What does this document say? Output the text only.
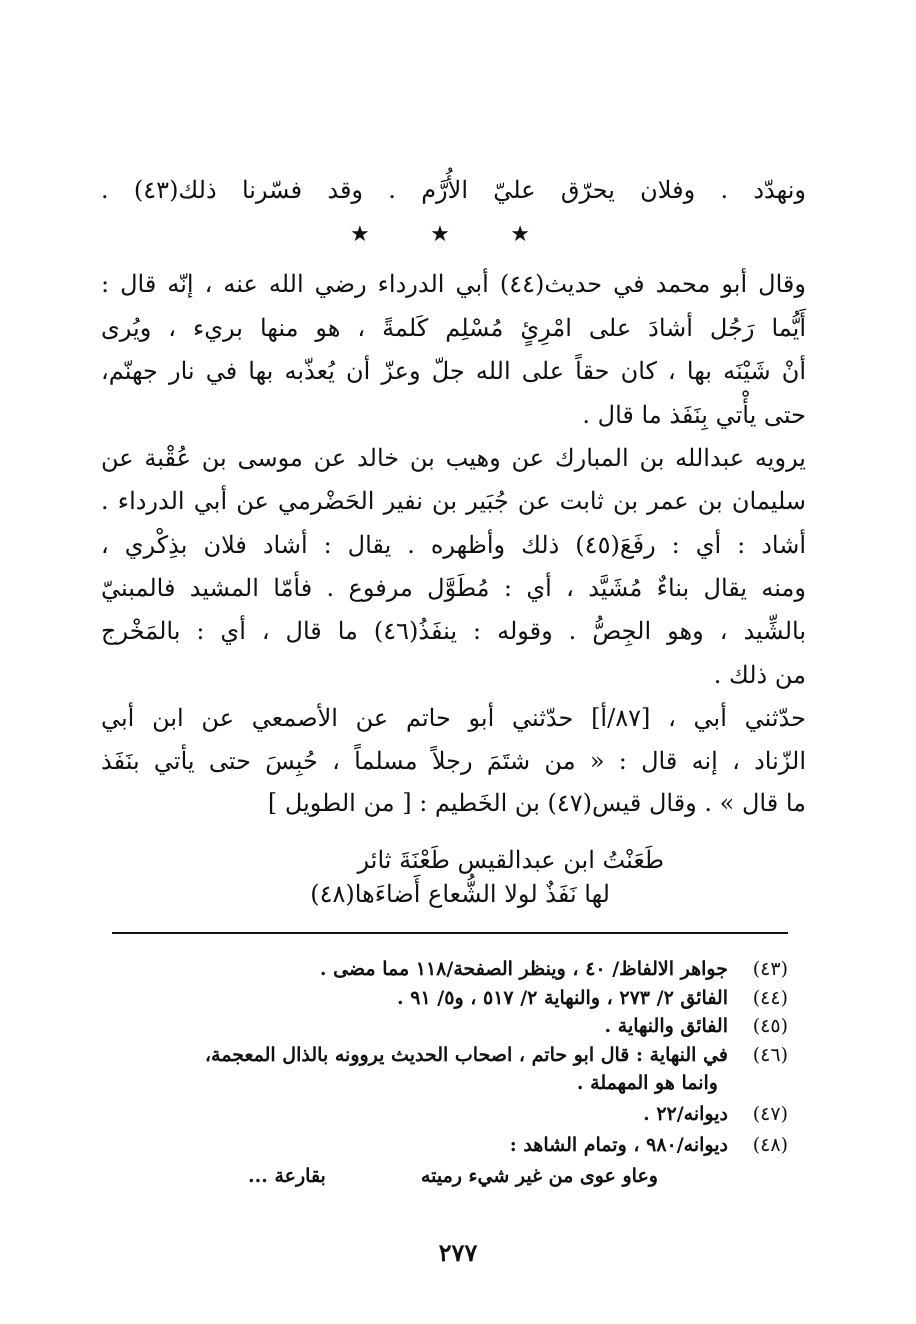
ونهدّد . وفلان يحرّق عليّ الأُرَّم . وقد فسّرنا ذلك(٤٣) .
★	★	★
وقال أبو محمد في حديث(٤٤) أبي الدرداء رضي الله عنه ، إنّه قال :
أَيُّما رَجُل أشادَ على امْرِئٍ مُسْلِم كَلمةً ، هو منها بريء ، ويُرى
أنْ شَيْنَه بها ، كان حقاً على الله جلّ وعزّ أن يُعذّبه بها في نار جهنّم،
حتى يأْتي بِنَفَذ ما قال .
يرويه عبدالله بن المبارك عن وهيب بن خالد عن موسى بن عُقْبة عن
سليمان بن عمر بن ثابت عن جُبَير بن نفير الحَضْرمي عن أبي الدرداء .
أشاد : أي : رفَعَ(٤٥) ذلك وأظهره . يقال : أشاد فلان بذِكْري ،
ومنه يقال بناءٌ مُشَيَّد ، أي : مُطَوَّل مرفوع . فأمّا المشيد فالمبنيّ
بالشِّيد ، وهو الجِصُّ . وقوله : ينفَذُ(٤٦) ما قال ، أي : بالمَخْرج
من ذلك .
حدّثني أبي ، [٨٧/أ] حدّثني أبو حاتم عن الأصمعي عن ابن أبي
الزّناد ، إنه قال : « من شتَمَ رجلاً مسلماً ، حُبِسَ حتى يأتي بنَفَذ
ما قال » . وقال قيس(٤٧) بن الخَطيم : [ من الطويل ]
طَعَنْتُ ابن عبدالقيس طَعْنَةَ ثائر
لها نَفَذٌ لولا الشُّعاع أَضاءَها(٤٨)
(٤٣)
جواهر الالفاظ/ ٤٠ ، وينظر الصفحة/١١٨ مما مضى .
(٤٤)
الفائق ٢/ ٢٧٣ ، والنهاية ٢/ ٥١٧ ، و٥/ ٩١ .
(٤٥)
الفائق والنهاية .
(٤٦)
في النهاية : قال ابو حاتم ، اصحاب الحديث يروونه بالذال المعجمة،
وانما هو المهملة .
(٤٧)
ديوانه/٢٢ .
(٤٨)
ديوانه/٩٨٠ ، وتمام الشاهد :
وعاو عوى من غير شيء رميته
بقارعة ...
٢٧٧
